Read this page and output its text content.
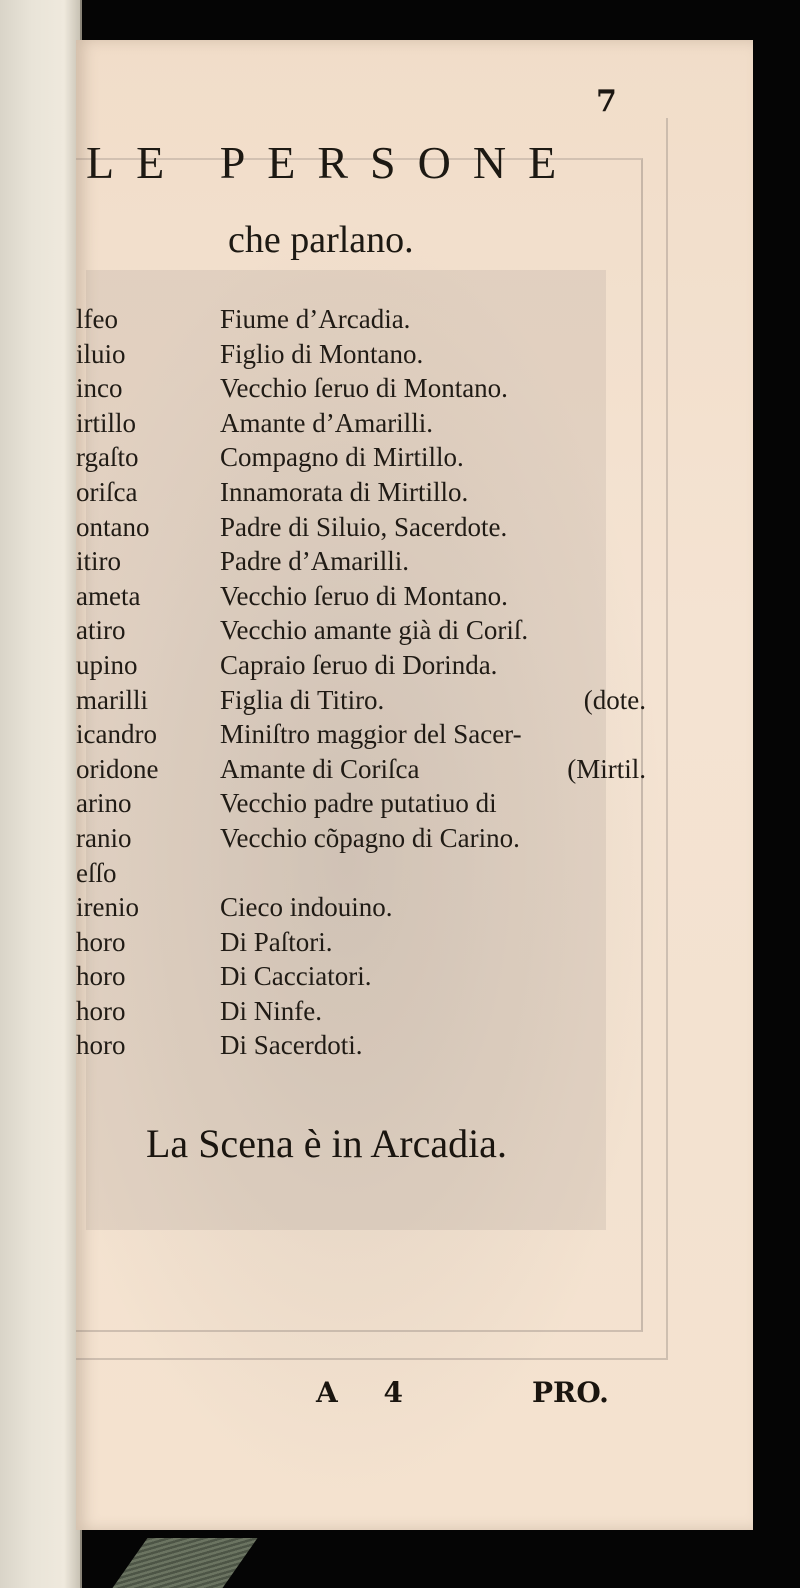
7
LE PERSONE
che parlano.
lfeo	Fiume d’Arcadia.
iluio	Figlio di Montano.
inco	Vecchio ſeruo di Montano.
irtillo	Amante d’Amarilli.
rgaſto	Compagno di Mirtillo.
oriſca	Innamorata di Mirtillo.
ontano	Padre di Siluio, Sacerdote.
itiro	Padre d’Amarilli.
ameta	Vecchio ſeruo di Montano.
atiro	Vecchio amante già di Coriſ.
upino	Capraio ſeruo di Dorinda.
marilli	Figlia di Titiro.	(dote.
icandro	Miniſtro maggior del Sacer-
oridone	Amante di Coriſca	(Mirtil.
arino	Vecchio padre putatiuo di
ranio	Vecchio cõpagno di Carino.
eſſo
irenio	Cieco indouino.
horo	Di Paſtori.
horo	Di Cacciatori.
horo	Di Ninfe.
horo	Di Sacerdoti.
La Scena è in Arcadia.
A 4	PRO.
